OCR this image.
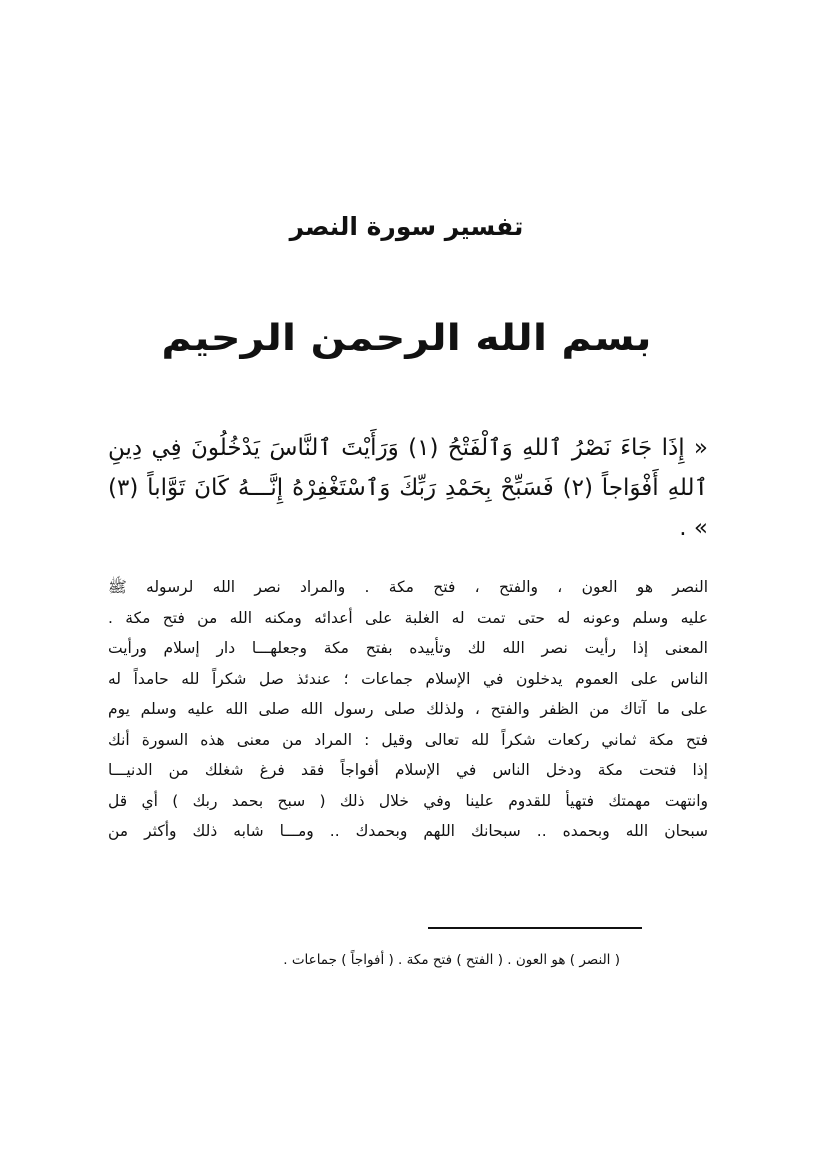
تفسير سورة النصر
بسم الله الرحمن الرحيم
« إِذَا جَاءَ نَصْرُ ٱللهِ وَٱلْفَتْحُ (١) وَرَأَيْتَ ٱلنَّاسَ يَدْخُلُونَ فِي دِينِ ٱللهِ أَفْوَاجاً (٢) فَسَبِّحْ بِحَمْدِ رَبِّكَ وَٱسْتَغْفِرْهُ إِنَّـــهُ كَانَ تَوَّاباً (٣) » .
النصر هو العون ، والفتح ، فتح مكة . والمراد نصر الله لرسوله ﷺ
عليه وسلم وعونه له حتى تمت له الغلبة على أعدائه ومكنه الله من فتح مكة .
المعنى إذا رأيت نصر الله لك وتأييده بفتح مكة وجعلهـــا دار إسلام ورأيت
الناس على العموم يدخلون في الإسلام جماعات ؛ عندئذ صل شكراً لله حامداً له
على ما آتاك من الظفر والفتح ، ولذلك صلى رسول الله صلى الله عليه وسلم يوم
فتح مكة ثماني ركعات شكراً لله تعالى وقيل : المراد من معنى هذه السورة أنك
إذا فتحت مكة ودخل الناس في الإسلام أفواجاً فقد فرغ شغلك من الدنيـــا
وانتهت مهمتك فتهيأ للقدوم علينا وفي خلال ذلك ( سبح بحمد ربك ) أي قل
سبحان الله وبحمده .. سبحانك اللهم وبحمدك .. ومـــا شابه ذلك وأكثر من
( النصر ) هو العون . ( الفتح ) فتح مكة . ( أفواجاً ) جماعات .
